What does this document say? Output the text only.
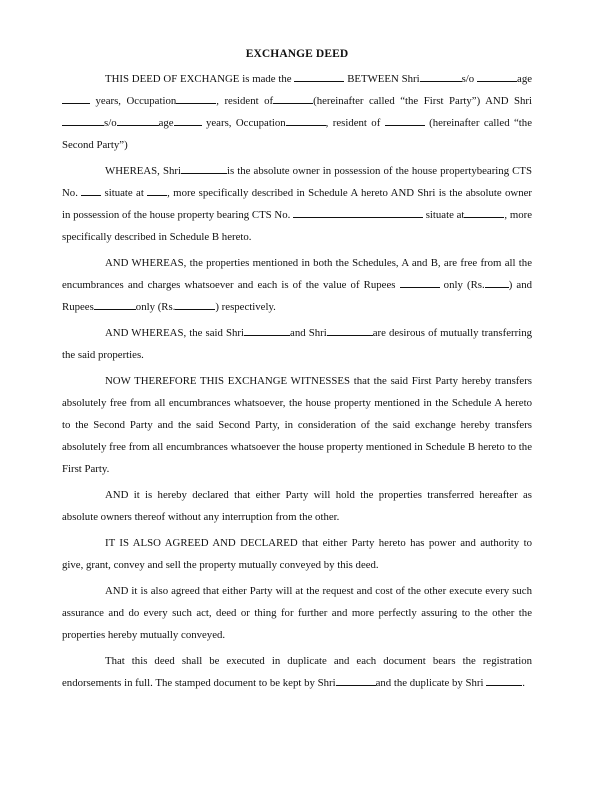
EXCHANGE DEED

THIS DEED OF EXCHANGE is made the	BETWEEN Shri	s/o	age  years, Occupation	, resident of	(hereinafter called “the First Party”) AND Shris/o	age	years, Occupation	, resident of	(hereinafter called “the Second Party”)

WHEREAS, Shri	is the absolute owner in possession of the house propertybearing CTS No.  situate at , more specifically described in Schedule A hereto AND Shri is the absolute owner in possession of the house property bearing CTS No.	situate at	, more specifically described in Schedule B hereto.

AND WHEREAS, the properties mentioned in both the Schedules, A and B, are free from all the encumbrances and charges whatsoever and each is of the value of Rupees	only (Rs. ) and Rupees	only (Rs.	) respectively.

AND WHEREAS, the said Shri	and Shri	are desirous of mutually transferring the said properties.

NOW THEREFORE THIS EXCHANGE WITNESSES that the said First Party hereby transfers absolutely free from all encumbrances whatsoever, the house property mentioned in the Schedule A hereto to the Second Party and the said Second Party, in consideration of the said exchange hereby transfers absolutely free from all encumbrances whatsoever the house property mentioned in Schedule B hereto to the First Party.

AND it is hereby declared that either Party will hold the properties transferred hereafter as absolute owners thereof without any interruption from the other.

IT IS ALSO AGREED AND DECLARED that either Party hereto has power and authority to give, grant, convey and sell the property mutually conveyed by this deed.

AND it is also agreed that either Party will at the request and cost of the other execute every such assurance and do every such act, deed or thing for further and more perfectly assuring to the other the properties hereby mutually conveyed.

That this deed shall be executed in duplicate and each document bears the registration endorsements in full. The stamped document to be kept by Shri	and the duplicate by Shri	.
